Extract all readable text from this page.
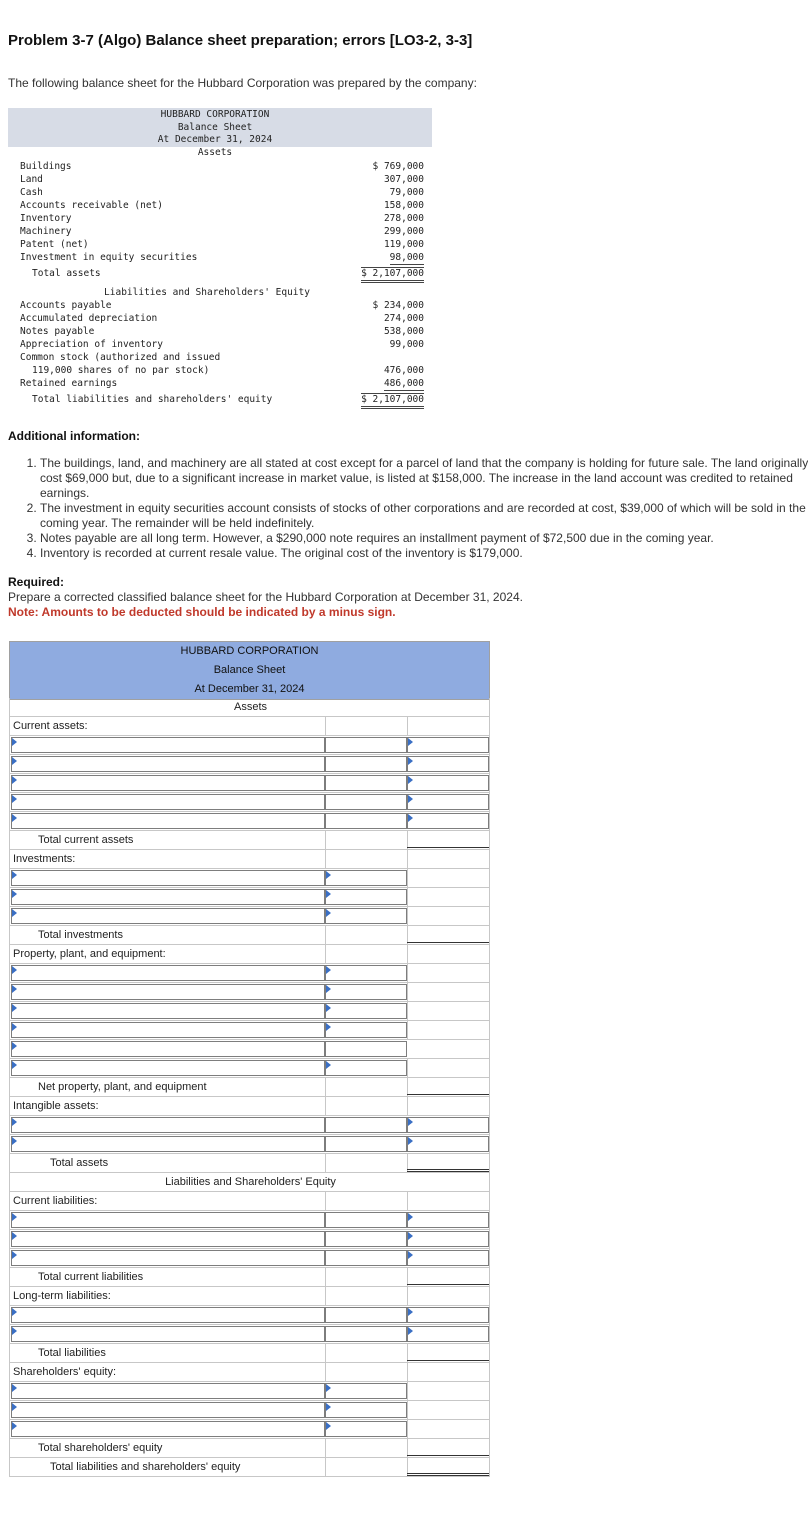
Problem 3-7 (Algo) Balance sheet preparation; errors [LO3-2, 3-3]
The following balance sheet for the Hubbard Corporation was prepared by the company:
HUBBARD CORPORATION
Balance Sheet
At December 31, 2024
Assets
Buildings	$ 769,000
Land	307,000
Cash	79,000
Accounts receivable (net)	158,000
Inventory	278,000
Machinery	299,000
Patent (net)	119,000
Investment in equity securities	98,000
Total assets	$ 2,107,000
Liabilities and Shareholders' Equity
Accounts payable	$ 234,000
Accumulated depreciation	274,000
Notes payable	538,000
Appreciation of inventory	99,000
Common stock (authorized and issued
119,000 shares of no par stock)	476,000
Retained earnings	486,000
Total liabilities and shareholders' equity	$ 2,107,000
Additional information:
1. The buildings, land, and machinery are all stated at cost except for a parcel of land that the company is holding for future sale. The land originally cost $69,000 but, due to a significant increase in market value, is listed at $158,000. The increase in the land account was credited to retained earnings.
2. The investment in equity securities account consists of stocks of other corporations and are recorded at cost, $39,000 of which will be sold in the coming year. The remainder will be held indefinitely.
3. Notes payable are all long term. However, a $290,000 note requires an installment payment of $72,500 due in the coming year.
4. Inventory is recorded at current resale value. The original cost of the inventory is $179,000.
Required:
Prepare a corrected classified balance sheet for the Hubbard Corporation at December 31, 2024.
Note: Amounts to be deducted should be indicated by a minus sign.
HUBBARD CORPORATION
Balance Sheet
At December 31, 2024
Assets
Current assets:
Total current assets
Investments:
Total investments
Property, plant, and equipment:
Net property, plant, and equipment
Intangible assets:
Total assets
Liabilities and Shareholders' Equity
Current liabilities:
Total current liabilities
Long-term liabilities:
Total liabilities
Shareholders' equity:
Total shareholders' equity
Total liabilities and shareholders' equity
